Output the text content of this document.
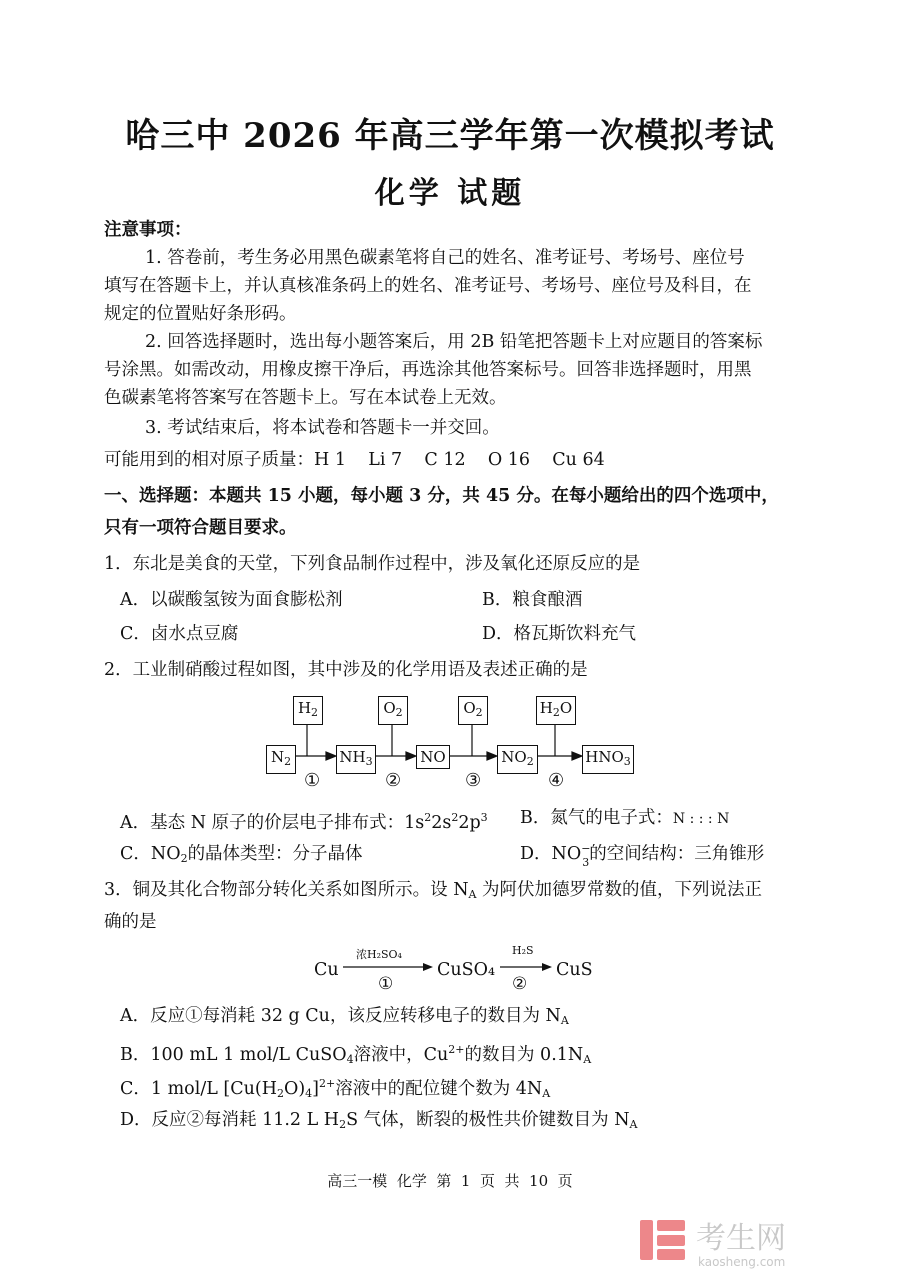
哈三中 2026 年高三学年第一次模拟考试
化学 试题
注意事项：
1. 答卷前，考生务必用黑色碳素笔将自己的姓名、准考证号、考场号、座位号
填写在答题卡上，并认真核准条码上的姓名、准考证号、考场号、座位号及科目，在
规定的位置贴好条形码。
2. 回答选择题时，选出每小题答案后，用 2B 铅笔把答题卡上对应题目的答案标
号涂黑。如需改动，用橡皮擦干净后，再选涂其他答案标号。回答非选择题时，用黑
色碳素笔将答案写在答题卡上。写在本试卷上无效。
3. 考试结束后，将本试卷和答题卡一并交回。
可能用到的相对原子质量：H 1    Li 7    C 12    O 16    Cu 64
一、选择题：本题共 15 小题，每小题 3 分，共 45 分。在每小题给出的四个选项中，
只有一项符合题目要求。
1．东北是美食的天堂，下列食品制作过程中，涉及氧化还原反应的是
A．以碳酸氢铵为面食膨松剂	B．粮食酿酒
C．卤水点豆腐	D．格瓦斯饮料充气
2．工业制硝酸过程如图，其中涉及的化学用语及表述正确的是
$H_2$	$O_2$	$O_2$	$H_2O$
$N_2$	$NH_3$	NO	$NO_2$	$HNO_3$
①	②	③	④
A．基态 N 原子的价层电子排布式：$1s^22s^22p^3$ B．氮气的电子式：N : : : N
C．$NO_2$的晶体类型：分子晶体	D．NO −
3 的空间结构：三角锥形
3．铜及其化合物部分转化关系如图所示。设 $N_A$ 为阿伏加德罗常数的值，下列说法正
确的是
Cu
浓H₂SO₄
①
CuSO₄
H₂S
②
CuS
A．反应①每消耗 32 g Cu，该反应转移电子的数目为 $N_A$
B．100 mL 1 mol/L CuSO$_4$溶液中，$Cu^{2+}$的数目为 $0.1N_A$
C．1 mol/L $[Cu(H_2O)_4]^{2+}$溶液中的配位键个数为 $4N_A$
D．反应②每消耗 11.2 L $H_2S$ 气体，断裂的极性共价键数目为 $N_A$
高三一模  化学  第  1  页  共  10  页
考生网
kaosheng.com
